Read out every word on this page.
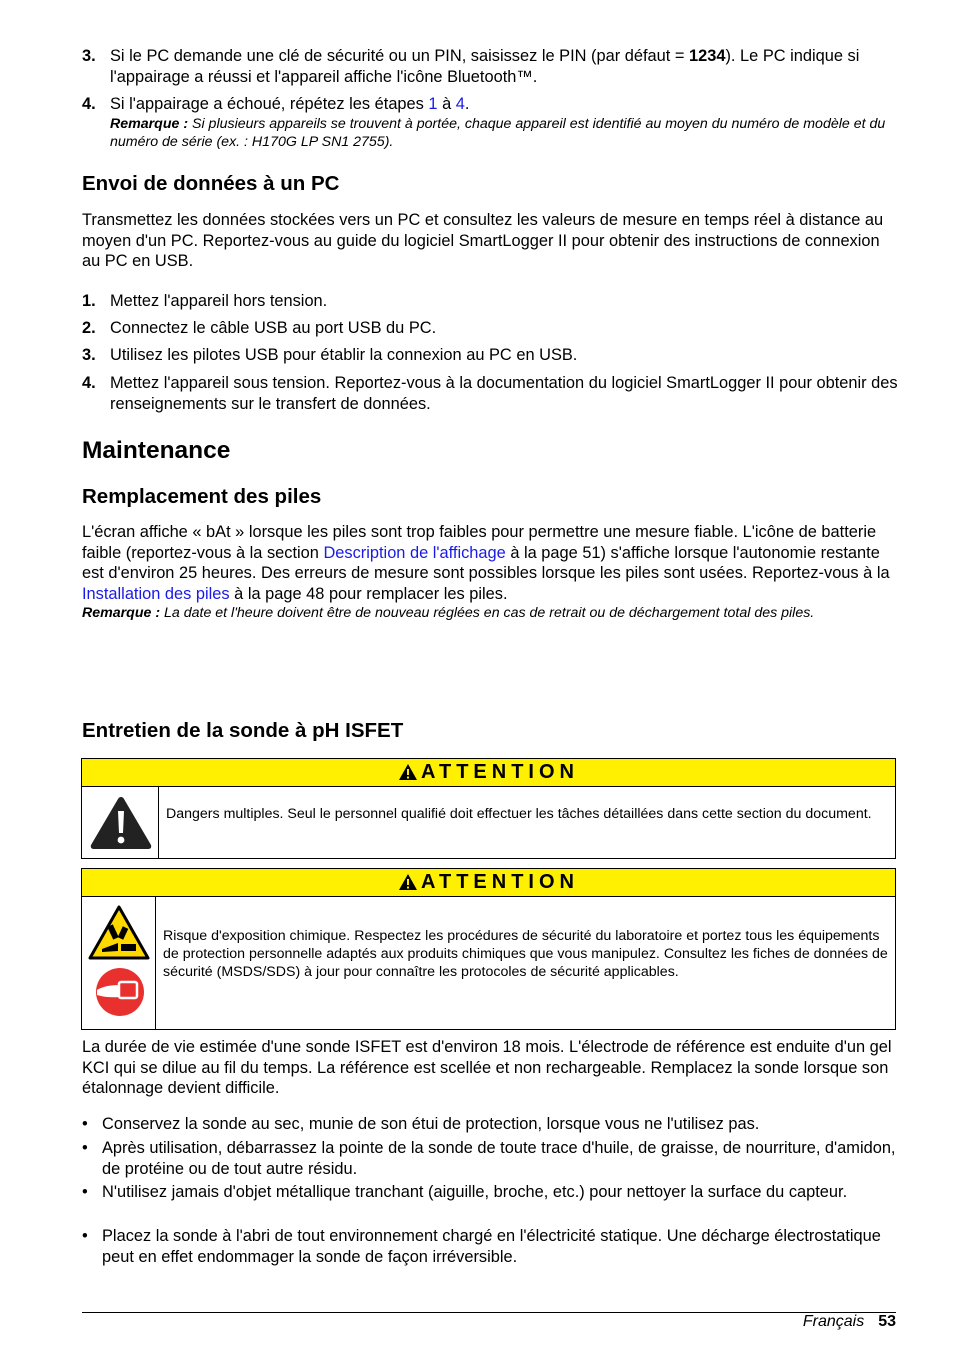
3. Si le PC demande une clé de sécurité ou un PIN, saisissez le PIN (par défaut = 1234). Le PC indique si l'appairage a réussi et l'appareil affiche l'icône Bluetooth™.
4. Si l'appairage a échoué, répétez les étapes 1 à 4.
Remarque : Si plusieurs appareils se trouvent à portée, chaque appareil est identifié au moyen du numéro de modèle et du numéro de série (ex. : H170G LP SN1 2755).
Envoi de données à un PC
Transmettez les données stockées vers un PC et consultez les valeurs de mesure en temps réel à distance au moyen d'un PC. Reportez-vous au guide du logiciel SmartLogger II pour obtenir des instructions de connexion au PC en USB.
1. Mettez l'appareil hors tension.
2. Connectez le câble USB au port USB du PC.
3. Utilisez les pilotes USB pour établir la connexion au PC en USB.
4. Mettez l'appareil sous tension. Reportez-vous à la documentation du logiciel SmartLogger II pour obtenir des renseignements sur le transfert de données.
Maintenance
Remplacement des piles
L'écran affiche « bAt » lorsque les piles sont trop faibles pour permettre une mesure fiable. L'icône de batterie faible (reportez-vous à la section Description de l'affichage à la page 51) s'affiche lorsque l'autonomie restante est d'environ 25 heures. Des erreurs de mesure sont possibles lorsque les piles sont usées. Reportez-vous à la Installation des piles à la page 48 pour remplacer les piles.
Remarque : La date et l'heure doivent être de nouveau réglées en cas de retrait ou de déchargement total des piles.
Entretien de la sonde à pH ISFET
ATTENTION
Dangers multiples. Seul le personnel qualifié doit effectuer les tâches détaillées dans cette section du document.
ATTENTION
Risque d'exposition chimique. Respectez les procédures de sécurité du laboratoire et portez tous les équipements de protection personnelle adaptés aux produits chimiques que vous manipulez. Consultez les fiches de données de sécurité (MSDS/SDS) à jour pour connaître les protocoles de sécurité applicables.
La durée de vie estimée d'une sonde ISFET est d'environ 18 mois. L'électrode de référence est enduite d'un gel KCI qui se dilue au fil du temps. La référence est scellée et non rechargeable. Remplacez la sonde lorsque son étalonnage devient difficile.
• Conservez la sonde au sec, munie de son étui de protection, lorsque vous ne l'utilisez pas.
• Après utilisation, débarrassez la pointe de la sonde de toute trace d'huile, de graisse, de nourriture, d'amidon, de protéine ou de tout autre résidu.
• N'utilisez jamais d'objet métallique tranchant (aiguille, broche, etc.) pour nettoyer la surface du capteur.
• Placez la sonde à l'abri de tout environnement chargé en l'électricité statique. Une décharge électrostatique peut en effet endommager la sonde de façon irréversible.
Français 53
